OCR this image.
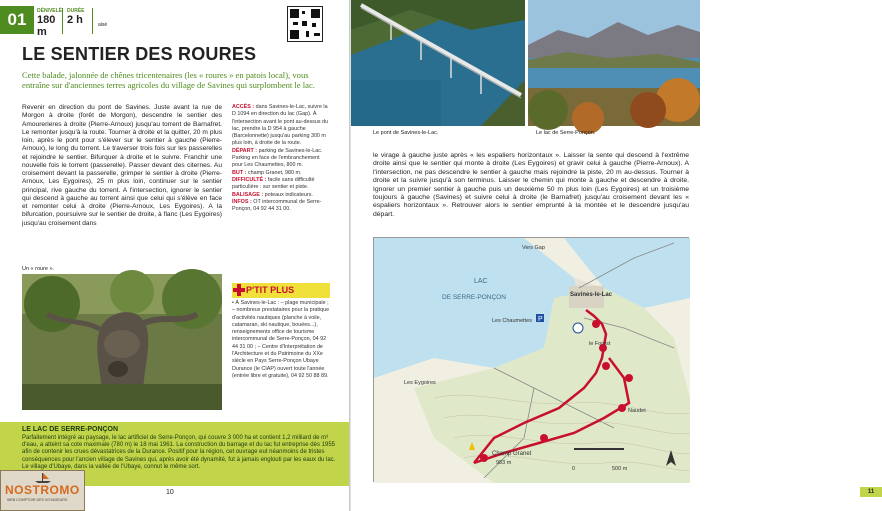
01	DÉNIVELÉ
180 m
DURÉE
2 h	aisé
LE SENTIER DES ROURES
Cette balade, jalonnée de chênes tricentenaires (les « roures » en patois local), vous entraîne sur d'anciennes terres agricoles du village de Savines qui surplombent le lac.
Revenir en direction du pont de Savines. Juste avant la rue de Morgon à droite (forêt de Morgon), descendre le sentier des Amourerieres à droite (Pierre-Arnoux) jusqu'au torrent de Barnafret. Le remonter jusqu'à la route. Tourner à droite et la quitter, 20 m plus loin, après le pont pour s'élever sur le sentier à gauche (Pierre-Arnoux), le long du torrent. Le traverser trois fois sur les passerelles et rejoindre le sentier. Bifurquer à droite et le suivre. Franchir une nouvelle fois le torrent (passerelle). Passer devant des citernes. Au croisement devant la passerelle, grimper le sentier à droite (Pierre-Arnoux, Les Eygoires), 25 m plus loin, continuer sur le sentier principal, rive gauche du torrent. A l'intersection, ignorer le sentier qui descend à gauche au torrent ainsi que celui qui s'élève en face et remonter celui à droite (Pierre-Arnoux, Les Eygoires). A la bifurcation, poursuivre sur le sentier de droite, à flanc (Les Eygoires) jusqu'au croisement dans
Un « roure ».
ACCÈS : dans Savines-le-Lac, suivre la D 1094 en direction du lac (Gap). À l'intersection avant le pont au-dessus du lac, prendre la D 954 à gauche (Barcelonnette) jusqu'au parking 300 m plus loin, à droite de la route.
DÉPART : parking de Savines-le-Lac. Parking en face de l'embranchement pour Les Chaumettes, 800 m.
BUT : champ Granet, 980 m.
DIFFICULTÉ : facile sans difficulté particulière : sur sentier et piste.
BALISAGE : poteaux indicateurs.
INFOS : OT intercommunal de Serre-Ponçon, 04 92 44 31 00.
P'TIT PLUS
• À Savines-le-Lac : – plage municipale ; – nombreux prestataires pour la pratique d'activités nautiques (planche à voile, catamaran, ski nautique, bouées...), renseignements office de tourisme intercommunal de Serre-Ponçon, 04 92 44 31 00 ; – Centre d'Interprétation de l'Architecture et du Patrimoine du XXe siècle en Pays Serre-Ponçon Ubaye Durance (le CIAP) ouvert toute l'année (entrée libre et gratuite), 04 92 50 88 89.
LE LAC DE SERRE-PONÇON
Parfaitement intégré au paysage, le lac artificiel de Serre-Ponçon, qui couvre 3 000 ha et contient 1,2 milliard de m³ d'eau, a atteint sa cote maximale (780 m) le 18 mai 1961. La construction du barrage et du lac fut entreprise dès 1955 afin de contenir les crues dévastatrices de la Durance. Positif pour la région, cet ouvrage eut néanmoins de tristes conséquences pour l'ancien village de Savines qui, après avoir été dynamité, fut à jamais englouti par les eaux du lac. Le village d'Ubaye, dans la vallée de l'Ubaye, connut le même sort.
10
NOSTROMO
WEB COMPTOIR DES VOYAGEURS
Le pont de Savines-le-Lac.	Le lac de Serre-Ponçon.
le virage à gauche juste après « les espaliers horizontaux ». Laisser la sente qui descend à l'extrême droite ainsi que le sentier qui monte à droite (Les Eygoires) et gravir celui à gauche (Pierre-Arnoux). A l'intersection, ne pas descendre le sentier à gauche mais rejoindre la piste, 20 m au-dessus. Tourner à droite et la suivre jusqu'à son terminus. Laisser le chemin qui monte à gauche et descendre à droite. Ignorer un premier sentier à gauche puis un deuxième 50 m plus loin (Les Eygoires) et un troisième toujours à gauche (Savines) et suivre celui à droite (le Barnafret) jusqu'au croisement devant les « espaliers horizontaux ». Retrouver alors le sentier emprunté à la montée et le descendre jusqu'au départ.
P
LAC
DE SERRE-PONÇON
Vers Gap
Savines-le-Lac
Les Chaumettes
Les Eygoires
le Forest
Champ Granet
983 m
Naudet
0	500 m
11
